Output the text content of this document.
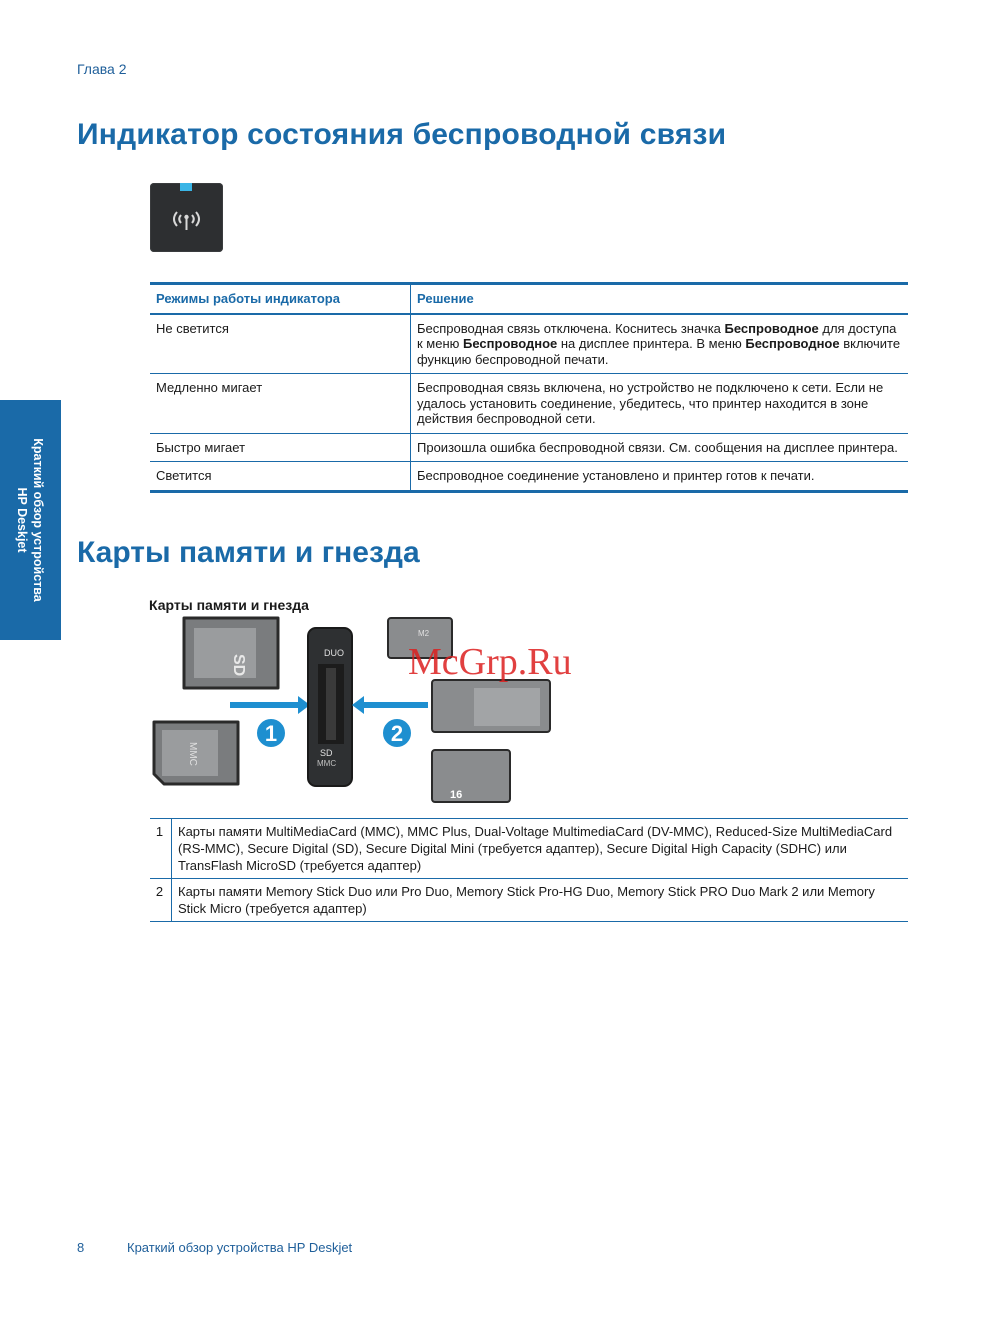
Глава 2
Индикатор состояния беспроводной связи
Краткий обзор устройства
HP Deskjet
Режимы работы индикатора	Решение
Не светится	Беспроводная связь отключена. Коснитесь значка Беспроводное для доступа к меню Беспроводное на дисплее принтера. В меню Беспроводное включите функцию беспроводной печати.
Медленно мигает	Беспроводная связь включена, но устройство не подключено к сети. Если не удалось установить соединение, убедитесь, что принтер находится в зоне действия беспроводной сети.
Быстро мигает	Произошла ошибка беспроводной связи. См. сообщения на дисплее принтера.
Светится	Беспроводное соединение установлено и принтер готов к печати.
Карты памяти и гнезда
Карты памяти и гнезда
SD
MMC
1
DUO
SD
MMC
2
M2
16
McGrp.Ru
1	Карты памяти MultiMediaCard (MMC), MMC Plus, Dual-Voltage MultimediaCard (DV-MMC), Reduced-Size MultiMediaCard (RS-MMC), Secure Digital (SD), Secure Digital Mini (требуется адаптер), Secure Digital High Capacity (SDHC) или TransFlash MicroSD (требуется адаптер)
2	Карты памяти Memory Stick Duo или Pro Duo, Memory Stick Pro-HG Duo, Memory Stick PRO Duo Mark 2 или Memory Stick Micro (требуется адаптер)
8	Краткий обзор устройства HP Deskjet
